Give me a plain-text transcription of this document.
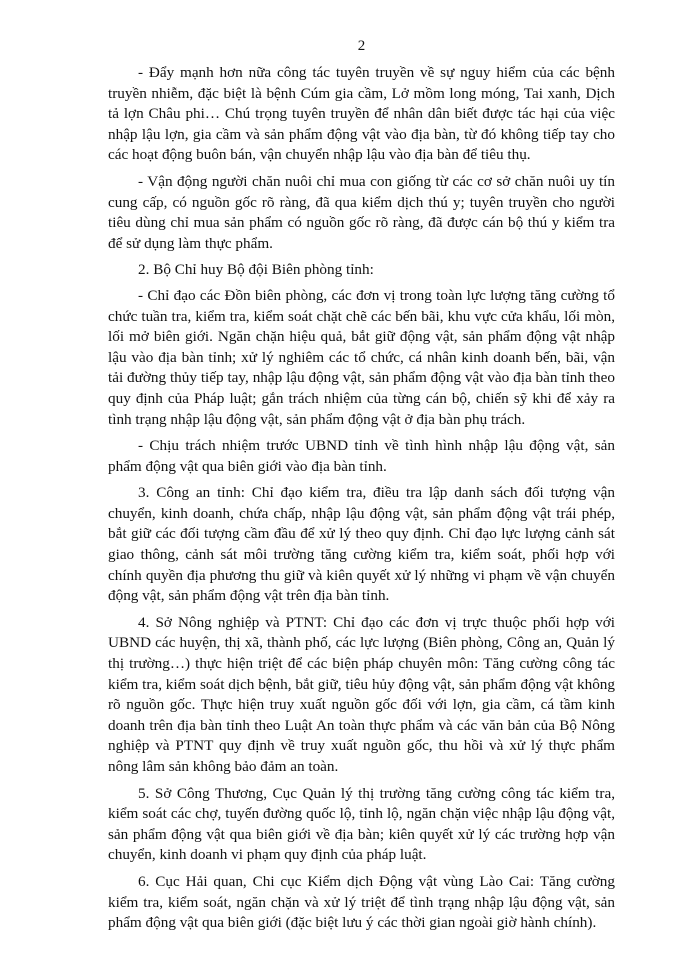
2

- Đẩy mạnh hơn nữa công tác tuyên truyền về sự nguy hiểm của các bệnh truyền nhiễm, đặc biệt là bệnh Cúm gia cầm, Lở mồm long móng, Tai xanh, Dịch tả lợn Châu phi… Chú trọng tuyên truyền để nhân dân biết được tác hại của việc nhập lậu lợn, gia cầm và sản phẩm động vật vào địa bàn, từ đó không tiếp tay cho các hoạt động buôn bán, vận chuyển nhập lậu vào địa bàn để tiêu thụ.

- Vận động người chăn nuôi chỉ mua con giống từ các cơ sở chăn nuôi uy tín cung cấp, có nguồn gốc rõ ràng, đã qua kiểm dịch thú y; tuyên truyền cho người tiêu dùng chỉ mua sản phẩm có nguồn gốc rõ ràng, đã được cán bộ thú y kiểm tra để sử dụng làm thực phẩm.

2. Bộ Chỉ huy Bộ đội Biên phòng tỉnh:

- Chỉ đạo các Đồn biên phòng, các đơn vị trong toàn lực lượng tăng cường tổ chức tuần tra, kiểm tra, kiểm soát chặt chẽ các bến bãi, khu vực cửa khẩu, lối mòn, lối mở biên giới. Ngăn chặn hiệu quả, bắt giữ động vật, sản phẩm động vật nhập lậu vào địa bàn tỉnh; xử lý nghiêm các tổ chức, cá nhân kinh doanh bến, bãi, vận tải đường thủy tiếp tay, nhập lậu động vật, sản phẩm động vật vào địa bàn tỉnh theo quy định của Pháp luật; gắn trách nhiệm của từng cán bộ, chiến sỹ khi để xảy ra tình trạng nhập lậu động vật, sản phẩm động vật ở địa bàn phụ trách.

- Chịu trách nhiệm trước UBND tỉnh về tình hình nhập lậu động vật, sản phẩm động vật qua biên giới vào địa bàn tỉnh.

3. Công an tỉnh: Chỉ đạo kiểm tra, điều tra lập danh sách đối tượng vận chuyển, kinh doanh, chứa chấp, nhập lậu động vật, sản phẩm động vật trái phép, bắt giữ các đối tượng cầm đầu để xử lý theo quy định. Chỉ đạo lực lượng cảnh sát giao thông, cảnh sát môi trường tăng cường kiểm tra, kiểm soát, phối hợp với chính quyền địa phương thu giữ và kiên quyết xử lý những vi phạm về vận chuyển động vật, sản phẩm động vật trên địa bàn tỉnh.

4. Sở Nông nghiệp và PTNT: Chỉ đạo các đơn vị trực thuộc phối hợp với UBND các huyện, thị xã, thành phố, các lực lượng (Biên phòng, Công an, Quản lý thị trường…) thực hiện triệt để các biện pháp chuyên môn: Tăng cường công tác kiểm tra, kiểm soát dịch bệnh, bắt giữ, tiêu hủy động vật, sản phẩm động vật không rõ nguồn gốc. Thực hiện truy xuất nguồn gốc đối với lợn, gia cầm, cá tầm kinh doanh trên địa bàn tỉnh theo Luật An toàn thực phẩm và các văn bản của Bộ Nông nghiệp và PTNT quy định về truy xuất nguồn gốc, thu hồi và xử lý thực phẩm nông lâm sản không bảo đảm an toàn.

5. Sở Công Thương, Cục Quản lý thị trường tăng cường công tác kiểm tra, kiểm soát các chợ, tuyến đường quốc lộ, tỉnh lộ, ngăn chặn việc nhập lậu động vật, sản phẩm động vật qua biên giới về địa bàn; kiên quyết xử lý các trường hợp vận chuyển, kinh doanh vi phạm quy định của pháp luật.

6. Cục Hải quan, Chi cục Kiểm dịch Động vật vùng Lào Cai: Tăng cường kiểm tra, kiểm soát, ngăn chặn và xử lý triệt để tình trạng nhập lậu động vật, sản phẩm động vật qua biên giới (đặc biệt lưu ý các thời gian ngoài giờ hành chính).
